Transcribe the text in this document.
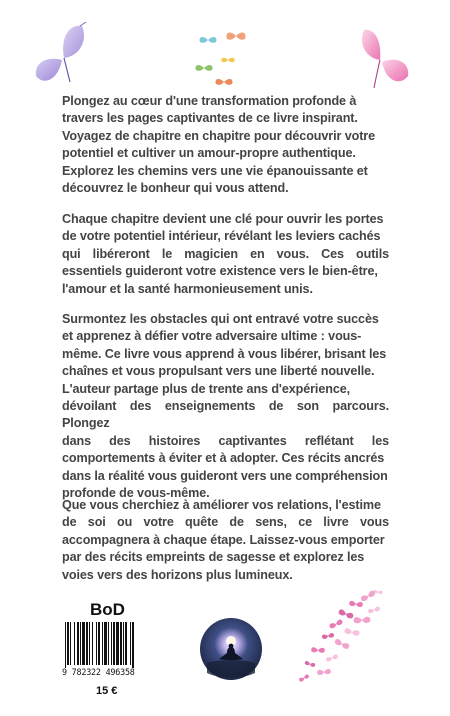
Plongez au cœur d'une transformation profonde à

travers les pages captivantes de ce livre inspirant.

Voyagez de chapitre en chapitre pour découvrir votre

potentiel et cultiver un amour-propre authentique.

Explorez les chemins vers une vie épanouissante et

découvrez le bonheur qui vous attend.

Chaque chapitre devient une clé pour ouvrir les portes

de votre potentiel intérieur, révélant les leviers cachés

qui libéreront le magicien en vous. Ces outils

essentiels guideront votre existence vers le bien-être,

l'amour et la santé harmonieusement unis.

Surmontez les obstacles qui ont entravé votre succès

et apprenez à défier votre adversaire ultime : vous-

même. Ce livre vous apprend à vous libérer, brisant les

chaînes et vous propulsant vers une liberté nouvelle.

L'auteur partage plus de trente ans d'expérience,

dévoilant des enseignements de son parcours. Plongez

dans des histoires captivantes reflétant les

comportements à éviter et à adopter. Ces récits ancrés

dans la réalité vous guideront vers une compréhension

profonde de vous-même.

Que vous cherchiez à améliorer vos relations, l'estime

de soi ou votre quête de sens, ce livre vous

accompagnera à chaque étape. Laissez-vous emporter

par des récits empreints de sagesse et explorez les

voies vers des horizons plus lumineux.

BoD
9 782322 496358
15 €
